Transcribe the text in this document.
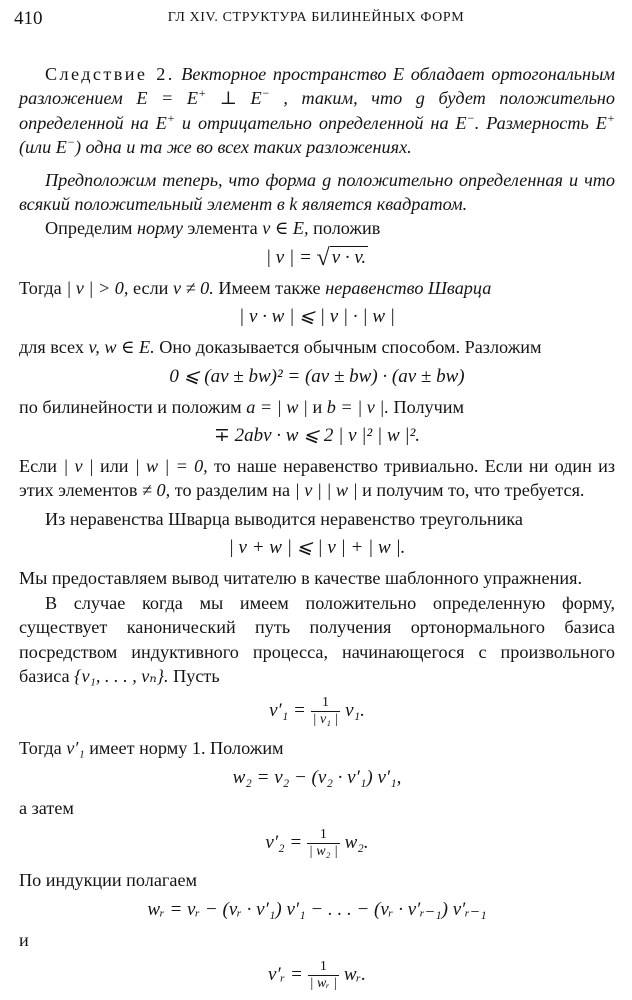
410	ГЛ XIV. СТРУКТУРА БИЛИНЕЙНЫХ ФОРМ

Следствие 2. Векторное пространство E обладает ортогональным разложением E = E+ ⊥ E− , таким, что g будет положительно определенной на E+ и отрицательно определенной на E−. Размерность E+ (или E−) одна и та же во всех таких разложениях.

Предположим теперь, что форма g положительно определенная и что всякий положительный элемент в k является квадратом.

Определим норму элемента v ∈ E, положив

| v | = √ v · v.

Тогда | v | > 0, если v ≠ 0. Имеем также неравенство Шварца

| v · w | ⩽ | v | · | w |

для всех v, w ∈ E. Оно доказывается обычным способом. Разложим

0 ⩽ (av ± bw)² = (av ± bw) · (av ± bw)

по билинейности и положим a = | w | и b = | v |. Получим

∓ 2abv · w ⩽ 2 | v |² | w |².

Если | v | или | w | = 0, то наше неравенство тривиально. Если ни один из этих элементов ≠ 0, то разделим на | v | | w | и получим то, что требуется.

Из неравенства Шварца выводится неравенство треугольника

| v + w | ⩽ | v | + | w |.

Мы предоставляем вывод читателю в качестве шаблонного упражнения.

В случае когда мы имеем положительно определенную форму, существует канонический путь получения ортонормального базиса посредством индуктивного процесса, начинающегося с произвольного базиса {v₁, . . . , vₙ}. Пусть

$v'_1 = \frac{1}{\text{| v₁ |}} v_1$.

Тогда v′₁ имеет норму 1. Положим

w₂ = v₂ − (v₂ · v′₁) v′₁,

а затем

$v'_2 = \frac{1}{\text{| w₂ |}} w_2$.

По индукции полагаем

wᵣ = vᵣ − (vᵣ · v′₁) v′₁ − . . . − (vᵣ · v′ᵣ₋₁) v′ᵣ₋₁

и

v′ᵣ = $\frac{1}{\text{| wᵣ |}}$ wᵣ.
